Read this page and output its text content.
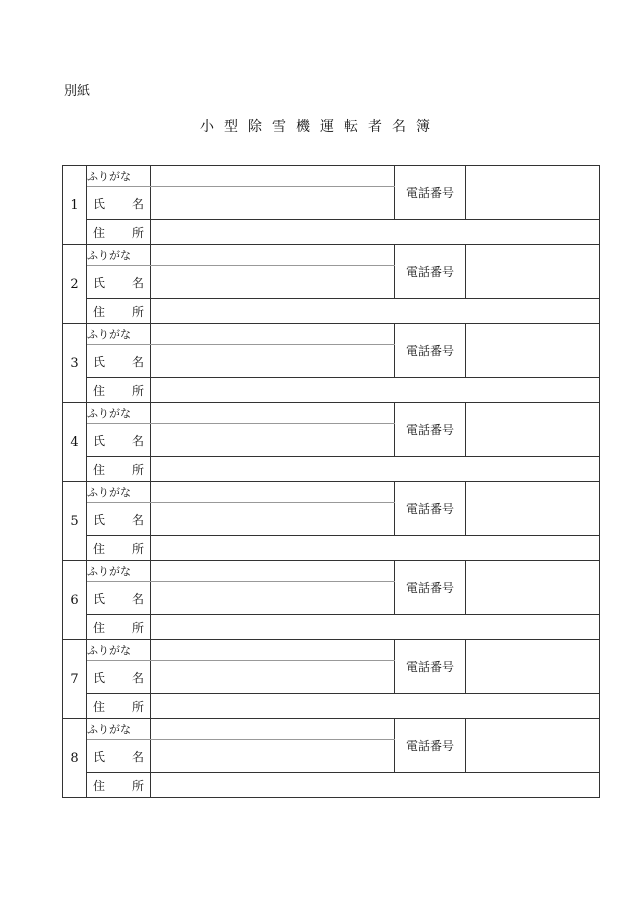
別紙
小型除雪機運転者名簿
1	ふりがな		電話番号	

	氏 名			

	住 所			

2	ふりがな		電話番号	

	氏 名			

	住 所			

3	ふりがな		電話番号	

	氏 名			

	住 所			

4	ふりがな		電話番号	

	氏 名			

	住 所			

5	ふりがな		電話番号	

	氏 名			

	住 所			

6	ふりがな		電話番号	

	氏 名			

	住 所			

7	ふりがな		電話番号	

	氏 名			

	住 所			

8	ふりがな		電話番号	

	氏 名			

	住 所			
